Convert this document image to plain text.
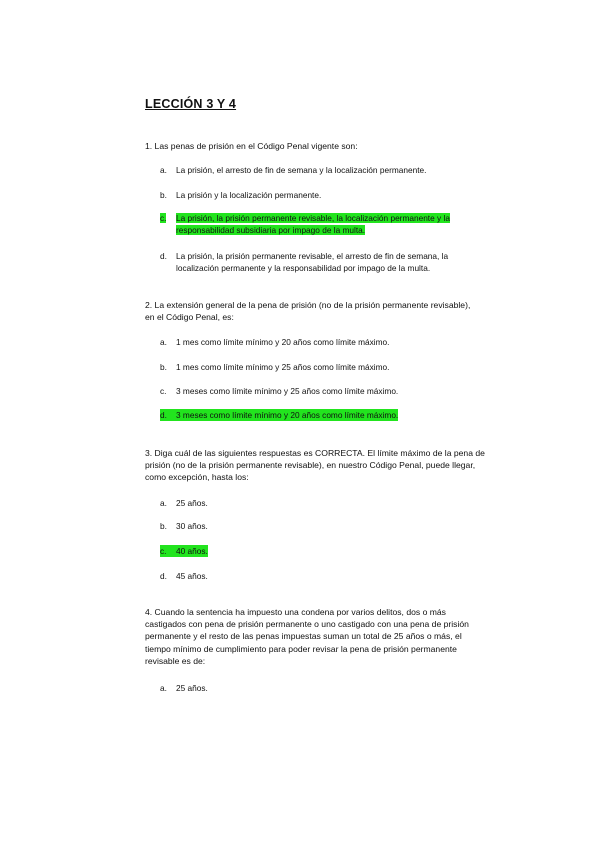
LECCIÓN 3 Y 4
1. Las penas de prisión en el Código Penal vigente son:
a.	La prisión, el arresto de fin de semana y la localización permanente.
b.	La prisión y la localización permanente.
c.	La prisión, la prisión permanente revisable, la localización permanente y la
responsabilidad subsidiaria por impago de la multa.
d.	La prisión, la prisión permanente revisable, el arresto de fin de semana, la
localización permanente y la responsabilidad por impago de la multa.
2. La extensión general de la pena de prisión (no de la prisión permanente revisable),
en el Código Penal, es:
a.	1 mes como límite mínimo y 20 años como límite máximo.
b.	1 mes como límite mínimo y 25 años como límite máximo.
c.	3 meses como límite mínimo y 25 años como límite máximo.
d.	3 meses como límite mínimo y 20 años como límite máximo.
3. Diga cuál de las siguientes respuestas es CORRECTA. El límite máximo de la pena de
prisión (no de la prisión permanente revisable), en nuestro Código Penal, puede llegar,
como excepción, hasta los:
a.	25 años.
b.	30 años.
c.	40 años.
d.	45 años.
4. Cuando la sentencia ha impuesto una condena por varios delitos, dos o más
castigados con pena de prisión permanente o uno castigado con una pena de prisión
permanente y el resto de las penas impuestas suman un total de 25 años o más, el
tiempo mínimo de cumplimiento para poder revisar la pena de prisión permanente
revisable es de:
a.	25 años.
